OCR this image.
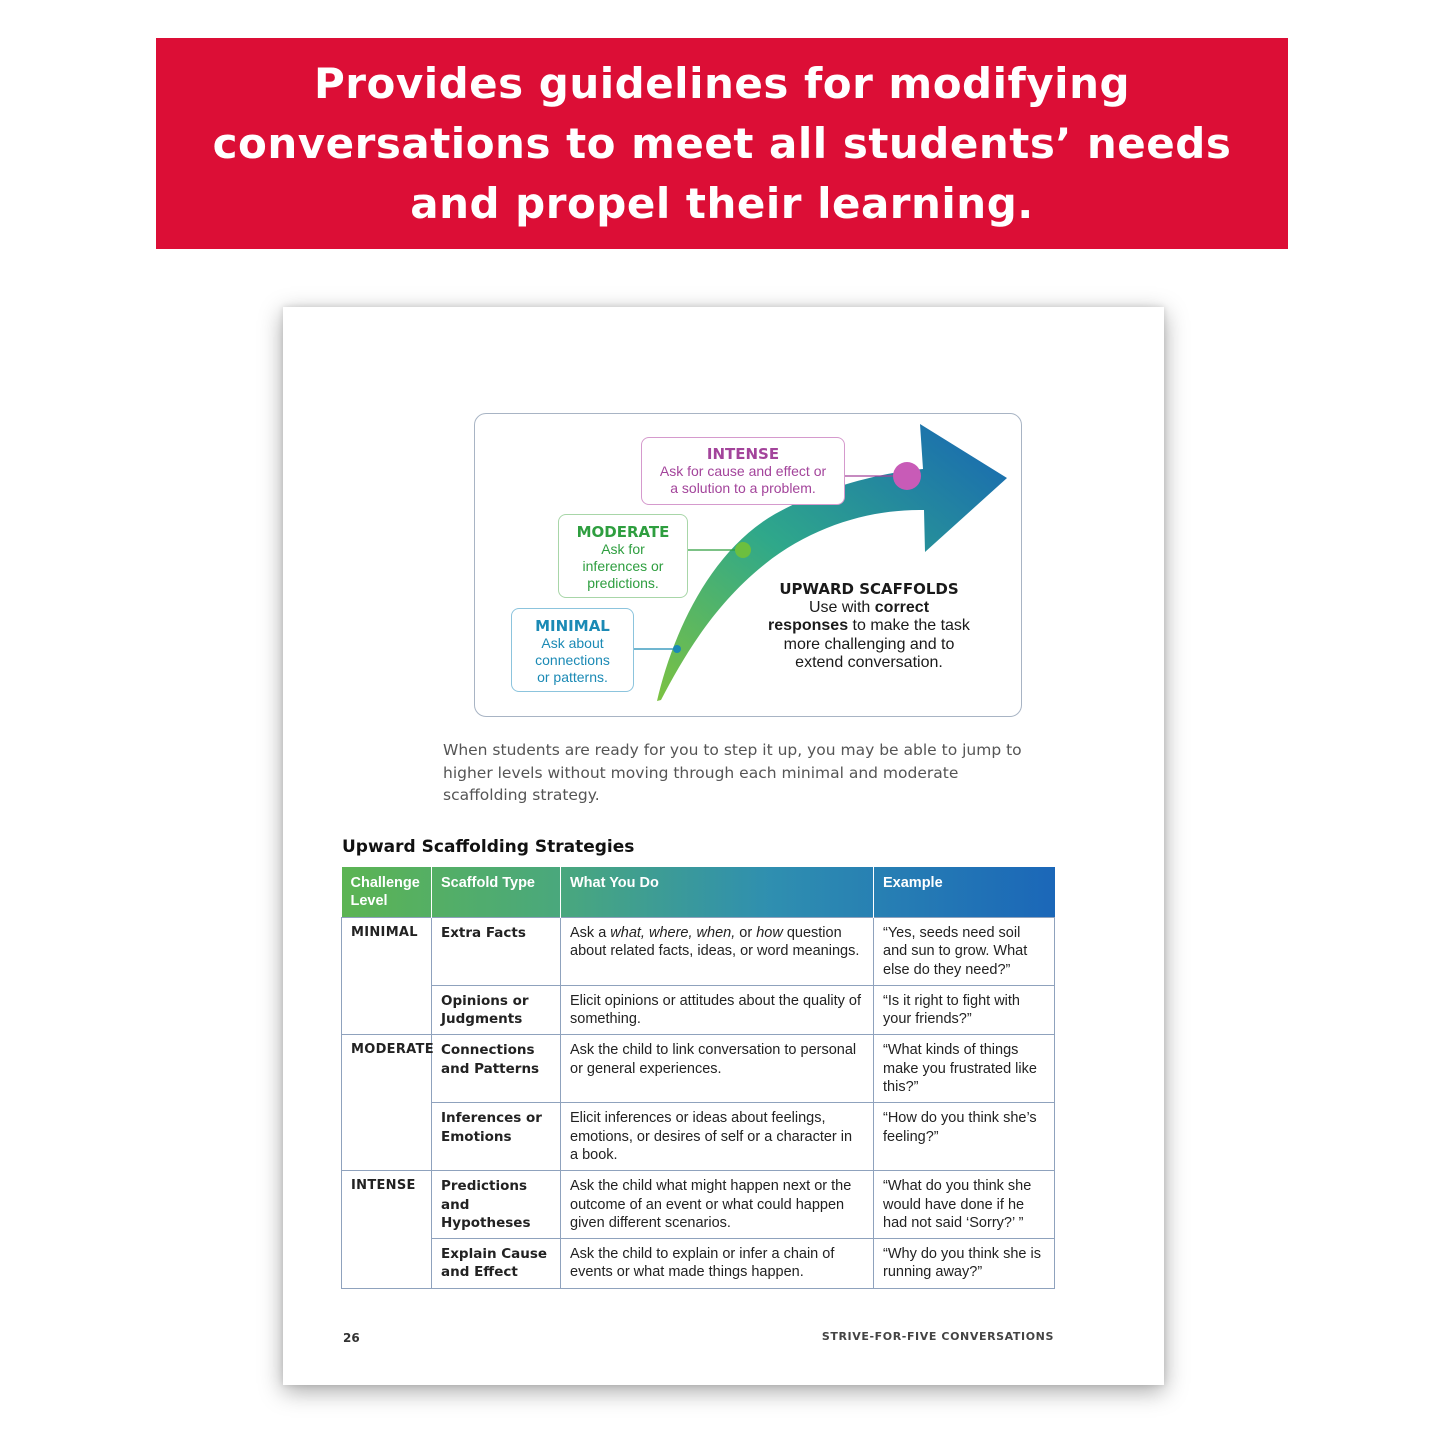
Provides guidelines for modifying
conversations to meet all students’ needs
and propel their learning.
INTENSE
Ask for cause and effect or
a solution to a problem.
MODERATE
Ask for
inferences or
predictions.
MINIMAL
Ask about
connections
or patterns.
UPWARD SCAFFOLDS
Use with correct
responses to make the task
more challenging and to
extend conversation.
When students are ready for you to step it up, you may be able to jump to higher levels without moving through each minimal and moderate scaffolding strategy.
Upward Scaffolding Strategies
Challenge Level	Scaffold Type	What You Do	Example
MINIMAL	Extra Facts	Ask a what, where, when, or how question about related facts, ideas, or word meanings.	“Yes, seeds need soil and sun to grow. What else do they need?”
	Opinions or Judgments	Elicit opinions or attitudes about the quality of something.	“Is it right to fight with your friends?”
MODERATE	Connections and Patterns	Ask the child to link conversation to personal or general experiences.	“What kinds of things make you frustrated like this?”
	Inferences or Emotions	Elicit inferences or ideas about feelings, emotions, or desires of self or a character in a book.	“How do you think she’s feeling?”
INTENSE	Predictions and Hypotheses	Ask the child what might happen next or the outcome of an event or what could happen given different scenarios.	“What do you think she would have done if he had not said ‘Sorry?’ ”
	Explain Cause and Effect	Ask the child to explain or infer a chain of events or what made things happen.	“Why do you think she is running away?”
26	STRIVE-FOR-FIVE CONVERSATIONS
